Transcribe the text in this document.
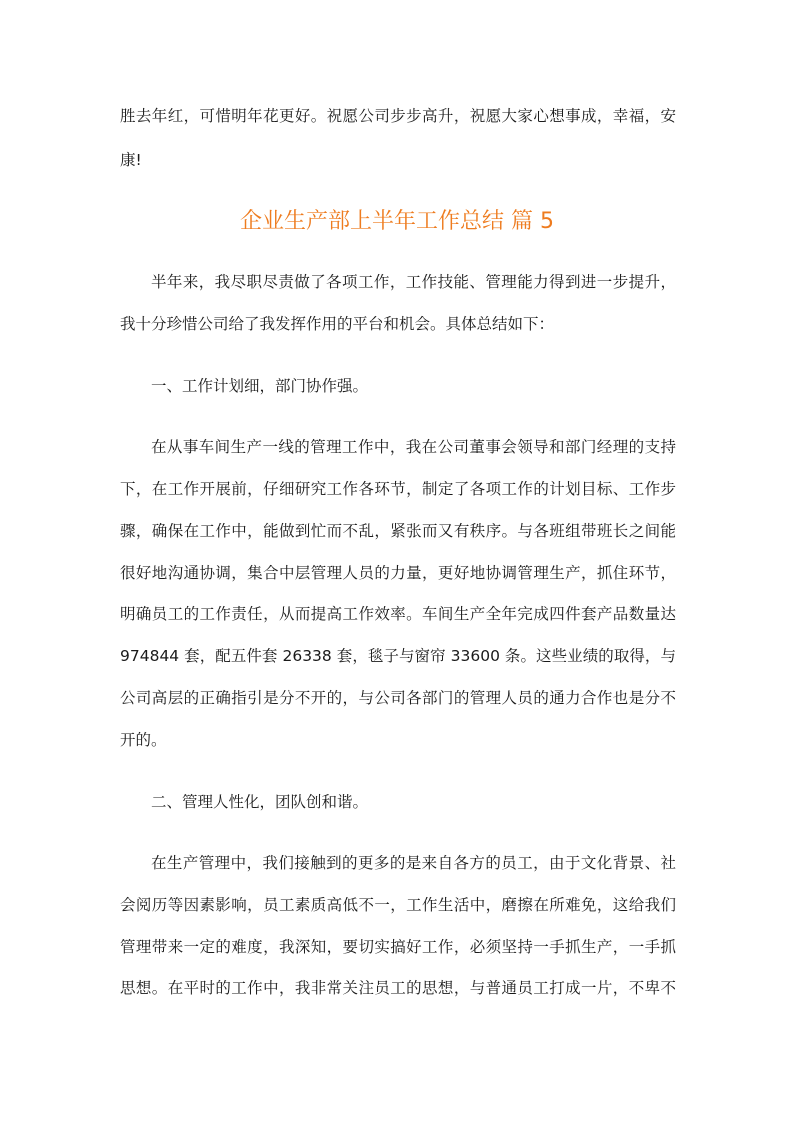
胜去年红，可惜明年花更好。祝愿公司步步高升，祝愿大家心想事成，幸福，安
康!
企业生产部上半年工作总结 篇 5
半年来，我尽职尽责做了各项工作，工作技能、管理能力得到进一步提升，
我十分珍惜公司给了我发挥作用的平台和机会。具体总结如下：
一、工作计划细，部门协作强。
在从事车间生产一线的管理工作中，我在公司董事会领导和部门经理的支持
下，在工作开展前，仔细研究工作各环节，制定了各项工作的计划目标、工作步
骤，确保在工作中，能做到忙而不乱，紧张而又有秩序。与各班组带班长之间能
很好地沟通协调，集合中层管理人员的力量，更好地协调管理生产，抓住环节，
明确员工的工作责任，从而提高工作效率。车间生产全年完成四件套产品数量达
974844 套，配五件套 26338 套，毯子与窗帘 33600 条。这些业绩的取得，与
公司高层的正确指引是分不开的，与公司各部门的管理人员的通力合作也是分不
开的。
二、管理人性化，团队创和谐。
在生产管理中，我们接触到的更多的是来自各方的员工，由于文化背景、社
会阅历等因素影响，员工素质高低不一，工作生活中，磨擦在所难免，这给我们
管理带来一定的难度，我深知，要切实搞好工作，必须坚持一手抓生产，一手抓
思想。在平时的工作中，我非常关注员工的思想，与普通员工打成一片，不卑不
